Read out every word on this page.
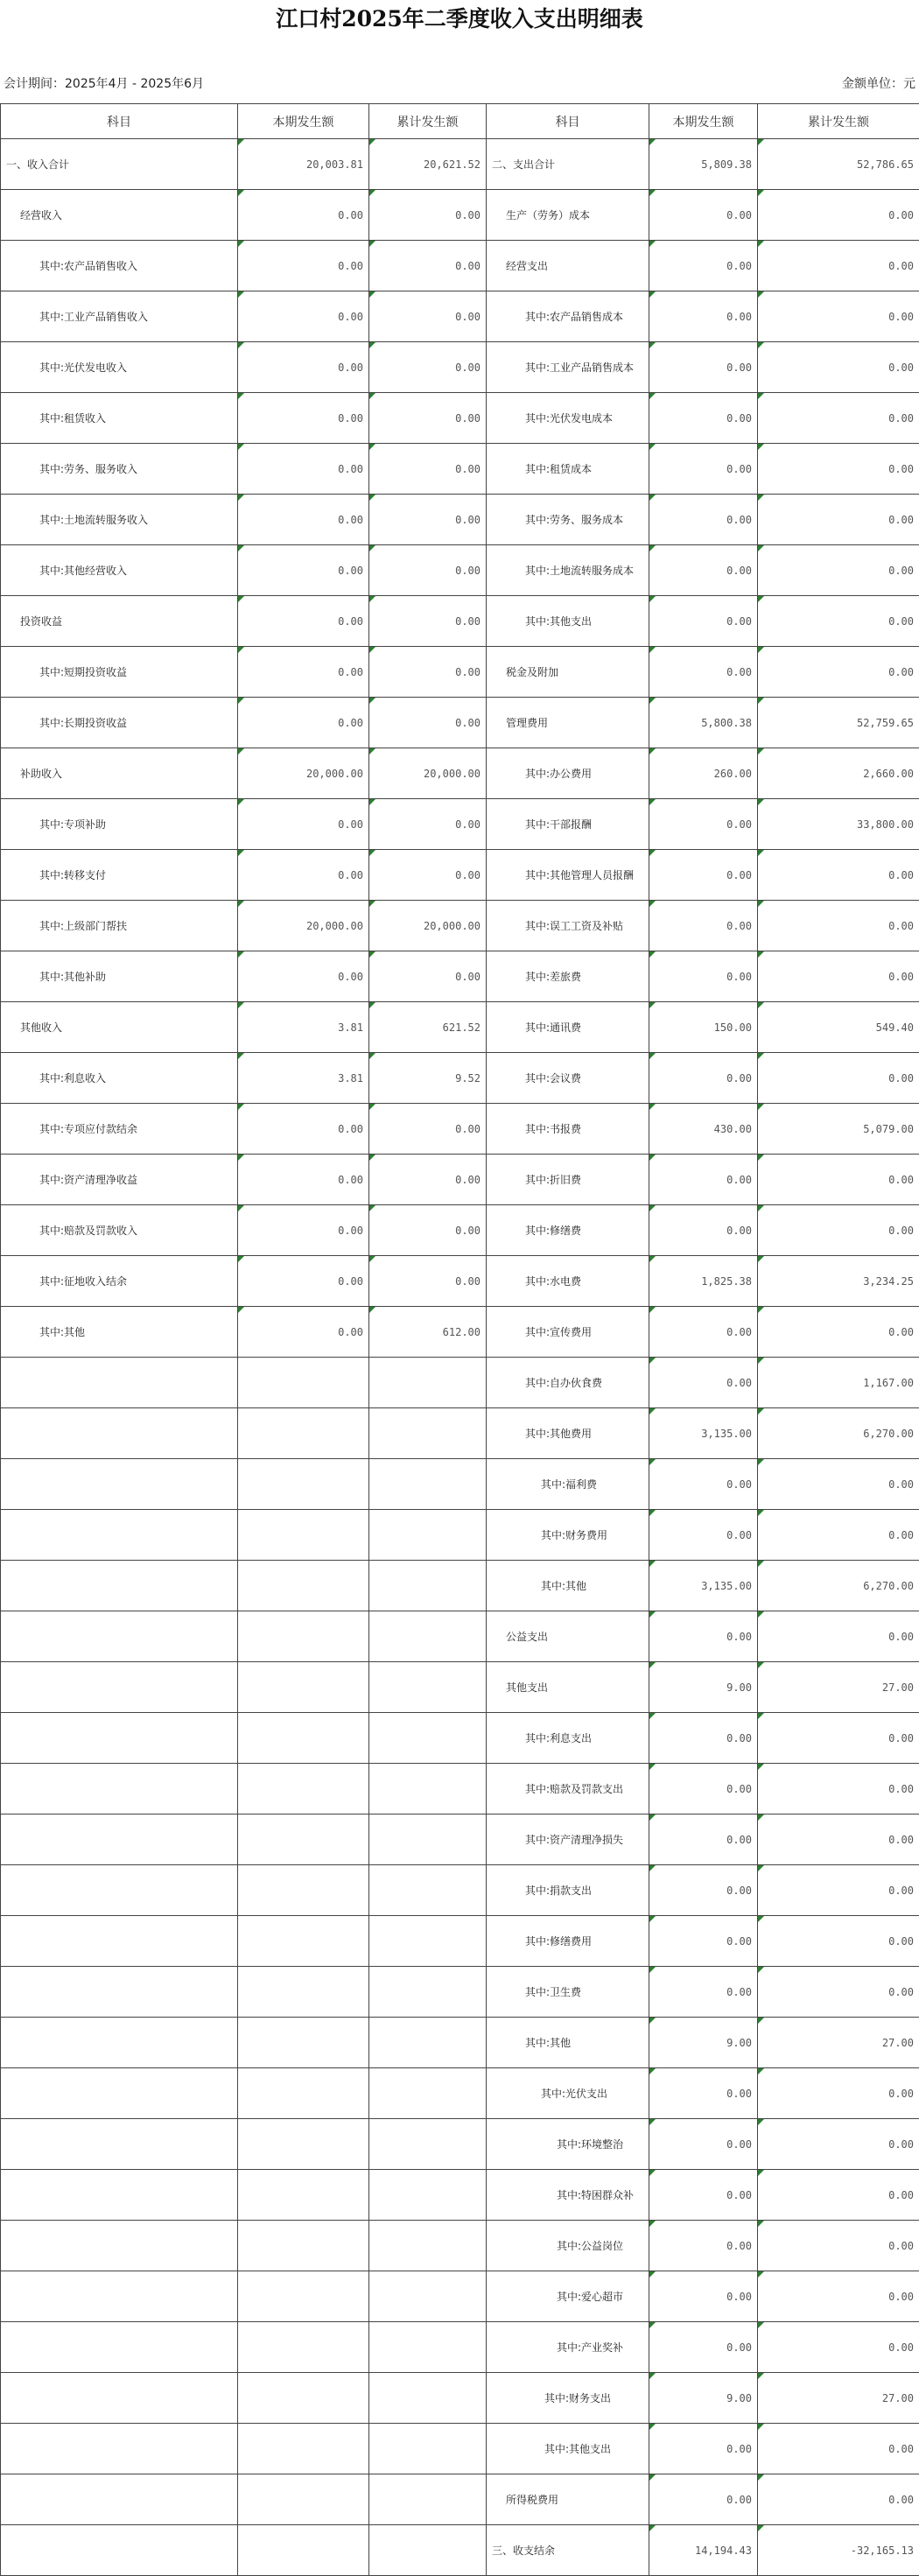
江口村2025年二季度收入支出明细表
会计期间：2025年4月 - 2025年6月	金额单位：元
科目	本期发生额	累计发生额	科目	本期发生额	累计发生额
一、收入合计	20,003.81	20,621.52	二、支出合计	5,809.38	52,786.65
经营收入	0.00	0.00	生产（劳务）成本	0.00	0.00
其中:农产品销售收入	0.00	0.00	经营支出	0.00	0.00
其中:工业产品销售收入	0.00	0.00	其中:农产品销售成本	0.00	0.00
其中:光伏发电收入	0.00	0.00	其中:工业产品销售成本	0.00	0.00
其中:租赁收入	0.00	0.00	其中:光伏发电成本	0.00	0.00
其中:劳务、服务收入	0.00	0.00	其中:租赁成本	0.00	0.00
其中:土地流转服务收入	0.00	0.00	其中:劳务、服务成本	0.00	0.00
其中:其他经营收入	0.00	0.00	其中:土地流转服务成本	0.00	0.00
投资收益	0.00	0.00	其中:其他支出	0.00	0.00
其中:短期投资收益	0.00	0.00	税金及附加	0.00	0.00
其中:长期投资收益	0.00	0.00	管理费用	5,800.38	52,759.65
补助收入	20,000.00	20,000.00	其中:办公费用	260.00	2,660.00
其中:专项补助	0.00	0.00	其中:干部报酬	0.00	33,800.00
其中:转移支付	0.00	0.00	其中:其他管理人员报酬	0.00	0.00
其中:上级部门帮扶	20,000.00	20,000.00	其中:误工工资及补贴	0.00	0.00
其中:其他补助	0.00	0.00	其中:差旅费	0.00	0.00
其他收入	3.81	621.52	其中:通讯费	150.00	549.40
其中:利息收入	3.81	9.52	其中:会议费	0.00	0.00
其中:专项应付款结余	0.00	0.00	其中:书报费	430.00	5,079.00
其中:资产清理净收益	0.00	0.00	其中:折旧费	0.00	0.00
其中:赔款及罚款收入	0.00	0.00	其中:修缮费	0.00	0.00
其中:征地收入结余	0.00	0.00	其中:水电费	1,825.38	3,234.25
其中:其他	0.00	612.00	其中:宣传费用	0.00	0.00
			其中:自办伙食费	0.00	1,167.00
			其中:其他费用	3,135.00	6,270.00
			其中:福利费	0.00	0.00
			其中:财务费用	0.00	0.00
			其中:其他	3,135.00	6,270.00
			公益支出	0.00	0.00
			其他支出	9.00	27.00
			其中:利息支出	0.00	0.00
			其中:赔款及罚款支出	0.00	0.00
			其中:资产清理净损失	0.00	0.00
			其中:捐款支出	0.00	0.00
			其中:修缮费用	0.00	0.00
			其中:卫生费	0.00	0.00
			其中:其他	9.00	27.00
			其中:光伏支出	0.00	0.00
			其中:环境整治	0.00	0.00
			其中:特困群众补	0.00	0.00
			其中:公益岗位	0.00	0.00
			其中:爱心超市	0.00	0.00
			其中:产业奖补	0.00	0.00
			其中:财务支出	9.00	27.00
			其中:其他支出	0.00	0.00
			所得税费用	0.00	0.00
			三、收支结余	14,194.43	-32,165.13
